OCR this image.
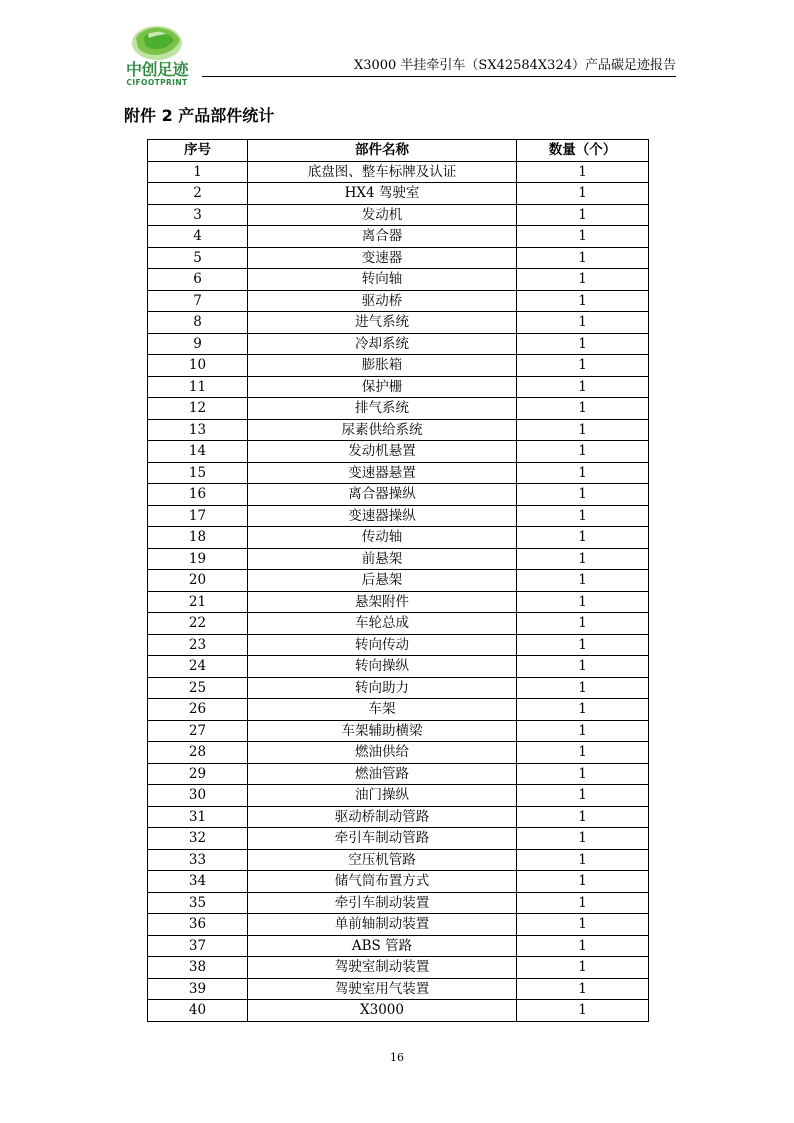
中创足迹
CIFOOTPRINT
X3000 半挂牵引车（SX42584X324）产品碳足迹报告
附件 2 产品部件统计
序号	部件名称	数量（个）
1	底盘图、整车标牌及认证	1
2	HX4 驾驶室	1
3	发动机	1
4	离合器	1
5	变速器	1
6	转向轴	1
7	驱动桥	1
8	进气系统	1
9	冷却系统	1
10	膨胀箱	1
11	保护栅	1
12	排气系统	1
13	尿素供给系统	1
14	发动机悬置	1
15	变速器悬置	1
16	离合器操纵	1
17	变速器操纵	1
18	传动轴	1
19	前悬架	1
20	后悬架	1
21	悬架附件	1
22	车轮总成	1
23	转向传动	1
24	转向操纵	1
25	转向助力	1
26	车架	1
27	车架辅助横梁	1
28	燃油供给	1
29	燃油管路	1
30	油门操纵	1
31	驱动桥制动管路	1
32	牵引车制动管路	1
33	空压机管路	1
34	储气筒布置方式	1
35	牵引车制动装置	1
36	单前轴制动装置	1
37	ABS 管路	1
38	驾驶室制动装置	1
39	驾驶室用气装置	1
40	X3000	1
16
